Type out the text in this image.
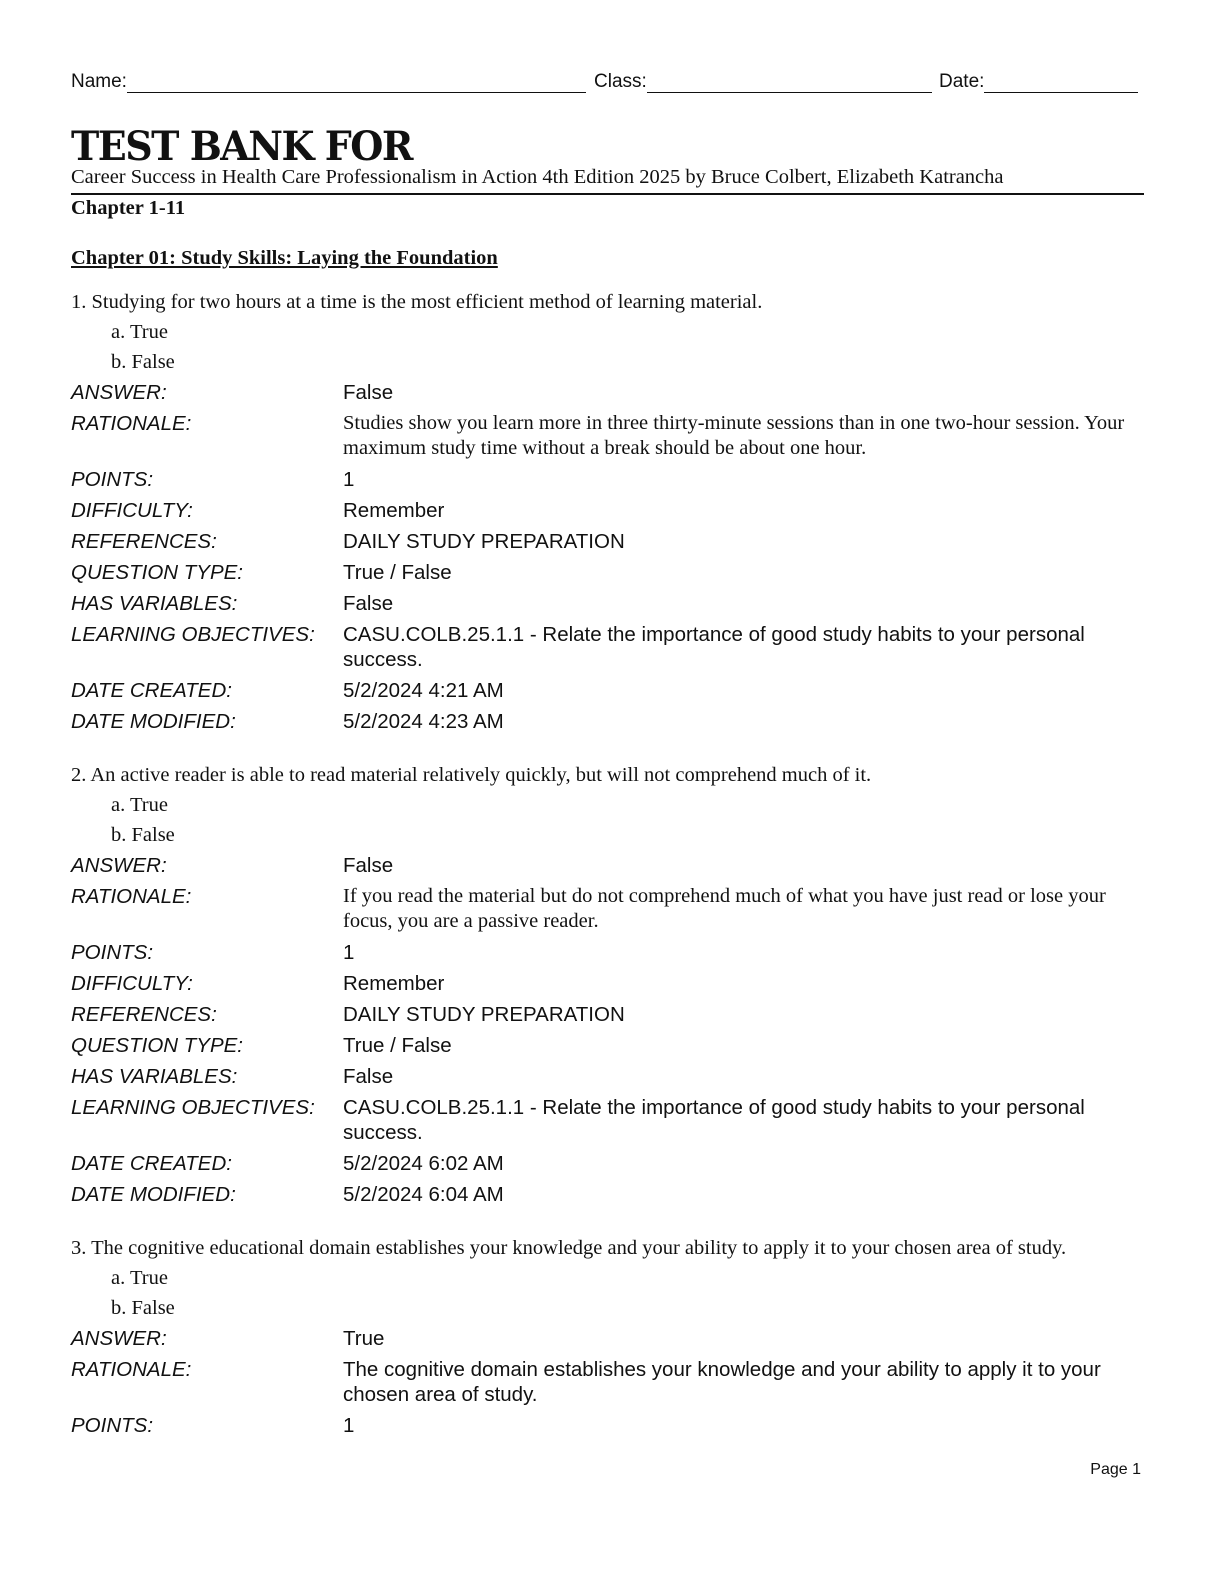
Name:	Class:	Date:
TEST BANK FOR
Career Success in Health Care Professionalism in Action 4th Edition 2025 by Bruce Colbert, Elizabeth Katrancha
Chapter 1-11
Chapter 01: Study Skills: Laying the Foundation
1. Studying for two hours at a time is the most efficient method of learning material.
a. True
b. False
ANSWER:	False
RATIONALE:	Studies show you learn more in three thirty-minute sessions than in one two-hour session. Your maximum study time without a break should be about one hour.
POINTS:	1
DIFFICULTY:	Remember
REFERENCES:	DAILY STUDY PREPARATION
QUESTION TYPE:	True / False
HAS VARIABLES:	False
LEARNING OBJECTIVES:	CASU.COLB.25.1.1 - Relate the importance of good study habits to your personal success.
DATE CREATED:	5/2/2024 4:21 AM
DATE MODIFIED:	5/2/2024 4:23 AM
2. An active reader is able to read material relatively quickly, but will not comprehend much of it.
a. True
b. False
ANSWER:	False
RATIONALE:	If you read the material but do not comprehend much of what you have just read or lose your focus, you are a passive reader.
POINTS:	1
DIFFICULTY:	Remember
REFERENCES:	DAILY STUDY PREPARATION
QUESTION TYPE:	True / False
HAS VARIABLES:	False
LEARNING OBJECTIVES:	CASU.COLB.25.1.1 - Relate the importance of good study habits to your personal success.
DATE CREATED:	5/2/2024 6:02 AM
DATE MODIFIED:	5/2/2024 6:04 AM
3. The cognitive educational domain establishes your knowledge and your ability to apply it to your chosen area of study.
a. True
b. False
ANSWER:	True
RATIONALE:	The cognitive domain establishes your knowledge and your ability to apply it to your chosen area of study.
POINTS:	1
Page 1
